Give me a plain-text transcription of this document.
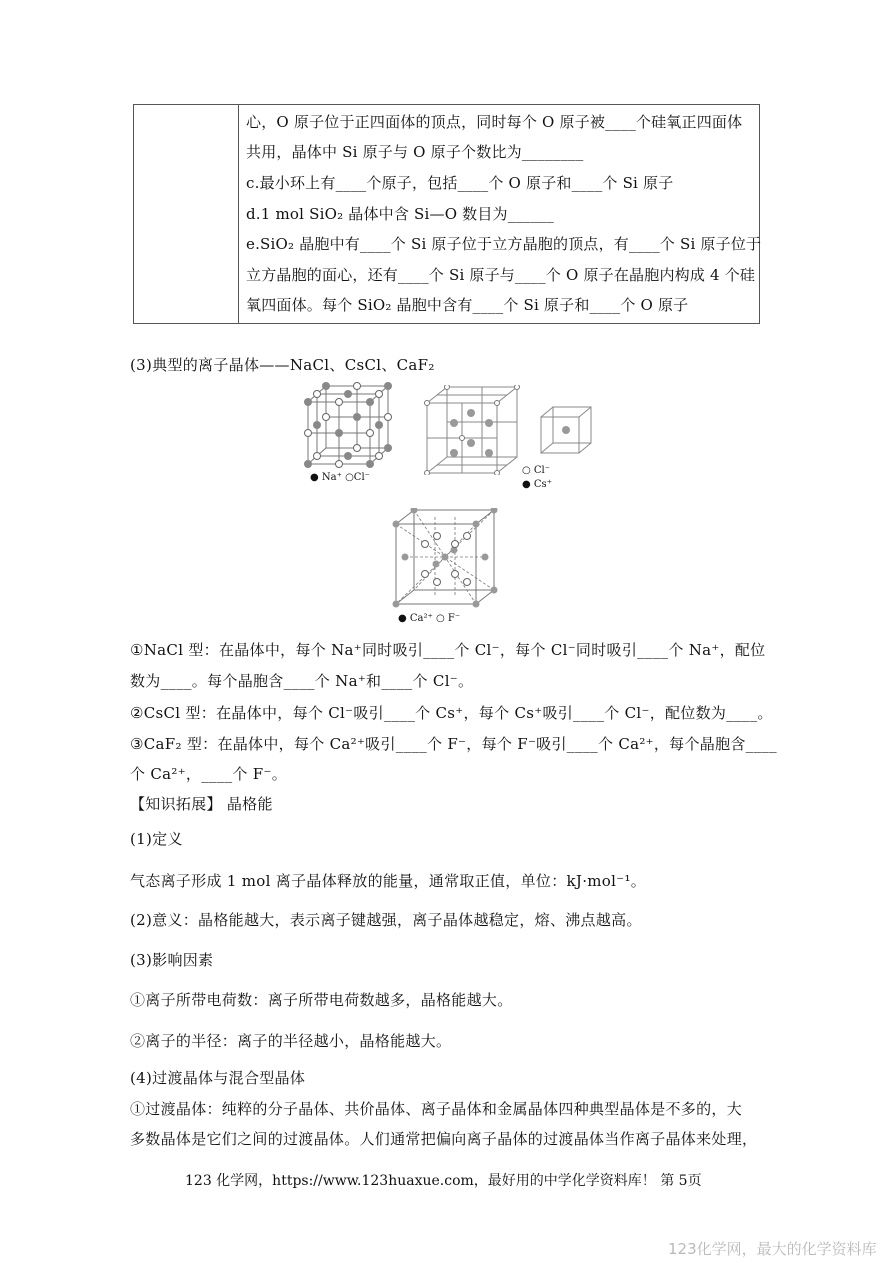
心，O 原子位于正四面体的顶点，同时每个 O 原子被____个硅氧正四面体
共用，晶体中 Si 原子与 O 原子个数比为________
c.最小环上有____个原子，包括____个 O 原子和____个 Si 原子
d.1 mol SiO₂ 晶体中含 Si—O 数目为______
e.SiO₂ 晶胞中有____个 Si 原子位于立方晶胞的顶点，有____个 Si 原子位于
立方晶胞的面心，还有____个 Si 原子与____个 O 原子在晶胞内构成 4 个硅
氧四面体。每个 SiO₂ 晶胞中含有____个 Si 原子和____个 O 原子
(3)典型的离子晶体——NaCl、CsCl、CaF₂
● Na⁺ ○Cl⁻
○ Cl⁻
● Cs⁺
● Ca²⁺ ○ F⁻
①NaCl 型：在晶体中，每个 Na⁺同时吸引____个 Cl⁻，每个 Cl⁻同时吸引____个 Na⁺，配位
数为____。每个晶胞含____个 Na⁺和____个 Cl⁻。
②CsCl 型：在晶体中，每个 Cl⁻吸引____个 Cs⁺，每个 Cs⁺吸引____个 Cl⁻，配位数为____。
③CaF₂ 型：在晶体中，每个 Ca²⁺吸引____个 F⁻，每个 F⁻吸引____个 Ca²⁺，每个晶胞含____
个 Ca²⁺，____个 F⁻。
【知识拓展】 晶格能
(1)定义
气态离子形成 1 mol 离子晶体释放的能量，通常取正值，单位：kJ·mol⁻¹。
(2)意义：晶格能越大，表示离子键越强，离子晶体越稳定，熔、沸点越高。
(3)影响因素
①离子所带电荷数：离子所带电荷数越多，晶格能越大。
②离子的半径：离子的半径越小，晶格能越大。
(4)过渡晶体与混合型晶体
①过渡晶体：纯粹的分子晶体、共价晶体、离子晶体和金属晶体四种典型晶体是不多的，大
多数晶体是它们之间的过渡晶体。人们通常把偏向离子晶体的过渡晶体当作离子晶体来处理，
123 化学网，https://www.123huaxue.com，最好用的中学化学资料库！ 第 5页
123化学网，最大的化学资料库
